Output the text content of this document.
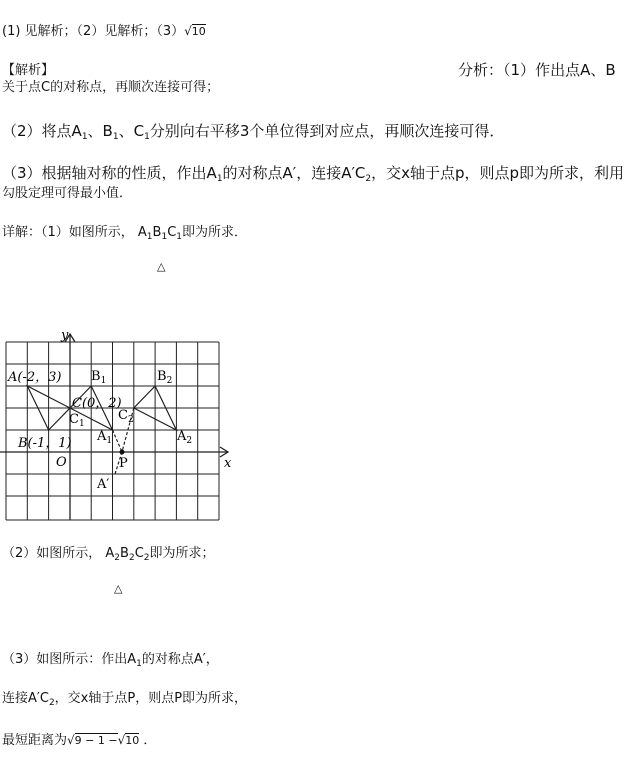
(1) 见解析；（2）见解析；（3）√10
【解析】	分析：（1）作出点A、B
关于点C的对称点，再顺次连接可得；
（2）将点$A_1$、$B_1$、$C_1$分别向右平移3个单位得到对应点，再顺次连接可得．
（3）根据轴对称的性质，作出$A_1$的对称点A′，连接$A'C_2$，交x轴于点p，则点p即为所求，利用
勾股定理可得最小值．
详解：（1）如图所示， $A_1B_1C_1$即为所求．
△
y
x
O
A(-2，3)
B(-1，1)
C(0，2)
$B_1$
$C_1$
$A_1$
$B_2$
$C_2$
$A_2$
A′
P
（2）如图所示， $A_2B_2C_2$即为所求；
△
（3）如图所示：作出$A_1$的对称点A′，
连接$A'C_2$，交x轴于点P，则点P即为所求，
最短距离为√9 − 1 −√10 ．
